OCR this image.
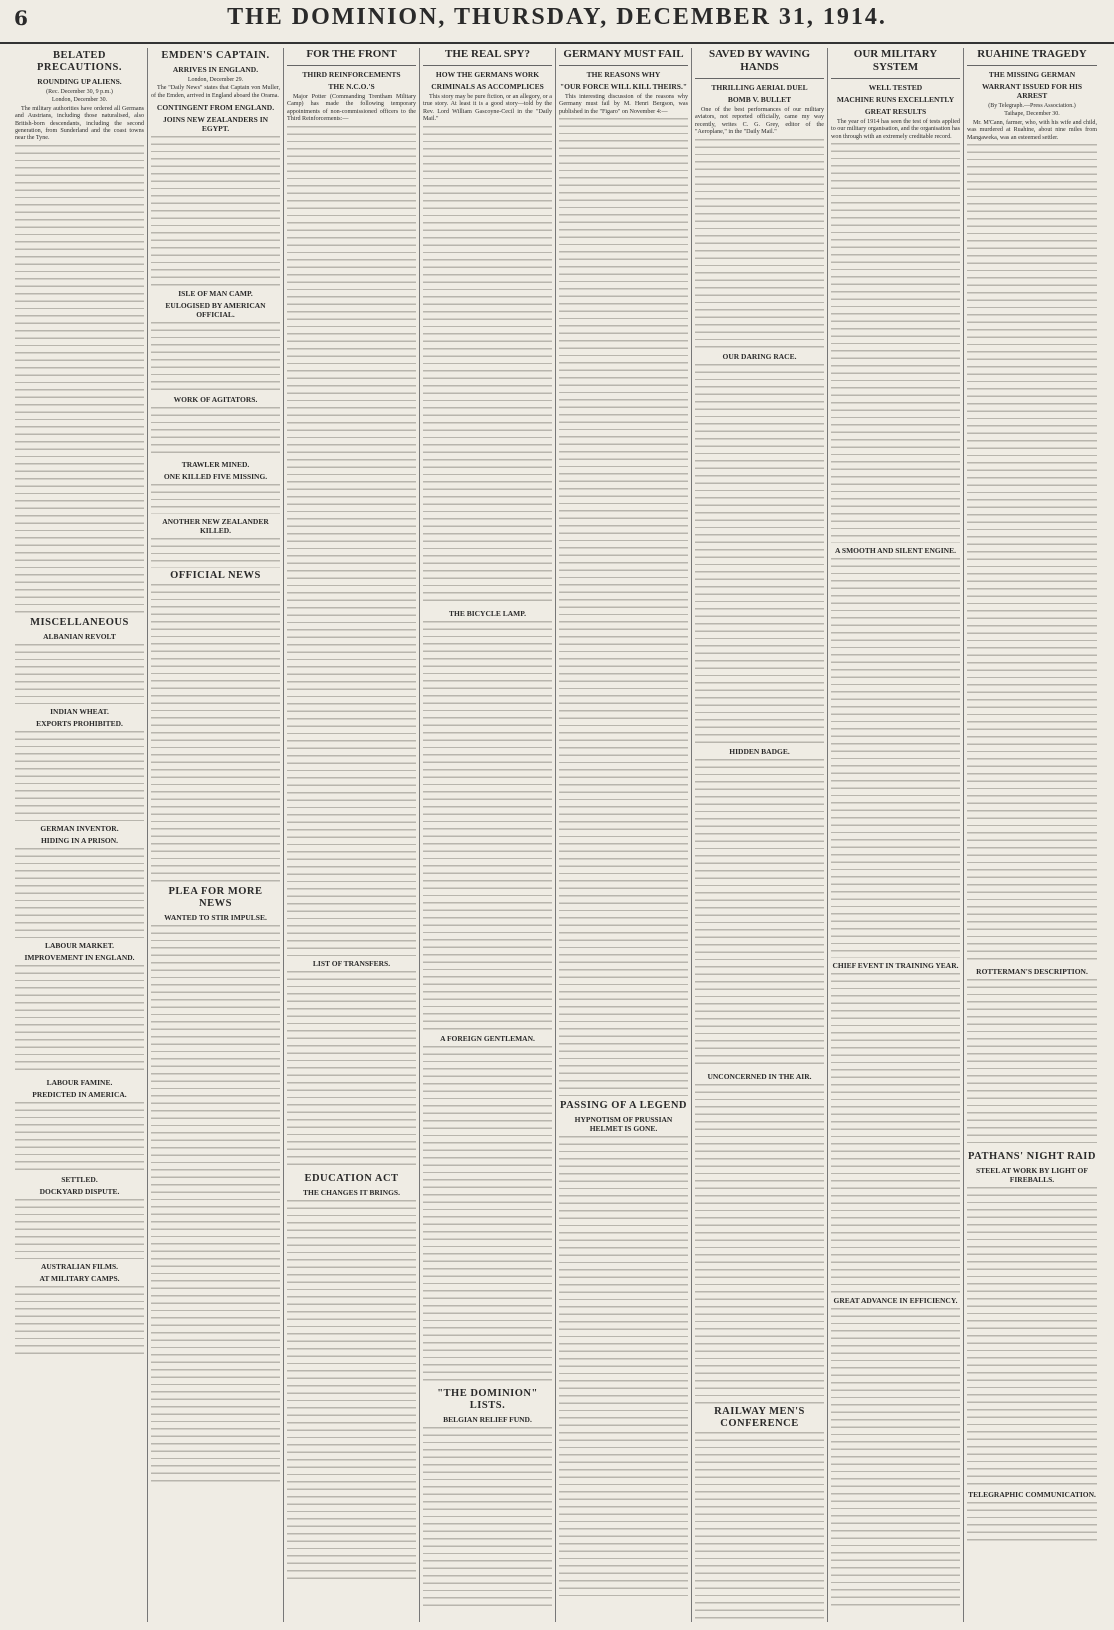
6	THE DOMINION, THURSDAY, DECEMBER 31, 1914.
BELATED PRECAUTIONS.
ROUNDING UP ALIENS.
(Rec. December 30, 9 p.m.)
London, December 30.

The military authorities have ordered all Germans and Austrians, including those naturalised, also British-born descendants, including the second generation, from Sunderland and the coast towns near the Tyne.

MISCELLANEOUS
ALBANIAN REVOLT
INDIAN WHEAT.
EXPORTS PROHIBITED.
GERMAN INVENTOR.
HIDING IN A PRISON.
LABOUR MARKET.
IMPROVEMENT IN ENGLAND.
LABOUR FAMINE.
PREDICTED IN AMERICA.
SETTLED.
DOCKYARD DISPUTE.
AUSTRALIAN FILMS.
AT MILITARY CAMPS.
EMDEN'S CAPTAIN.
ARRIVES IN ENGLAND.
London, December 29.

The "Daily News" states that Captain von Muller, of the Emden, arrived in England aboard the Orama.

CONTINGENT FROM ENGLAND.
JOINS NEW ZEALANDERS IN EGYPT.
ISLE OF MAN CAMP.
EULOGISED BY AMERICAN OFFICIAL.
WORK OF AGITATORS.
TRAWLER MINED.
ONE KILLED FIVE MISSING.
ANOTHER NEW ZEALANDER KILLED.
OFFICIAL NEWS
PLEA FOR MORE NEWS
WANTED TO STIR IMPULSE.
FOR THE FRONT
THIRD REINFORCEMENTS
THE N.C.O.'S

Major Potter (Commanding Trentham Military Camp) has made the following temporary appointments of non-commissioned officers to the Third Reinforcements:—

LIST OF TRANSFERS.
EDUCATION ACT
THE CHANGES IT BRINGS.
THE REAL SPY?
HOW THE GERMANS WORK
CRIMINALS AS ACCOMPLICES

This story may be pure fiction, or an allegory, or a true story. At least it is a good story—told by the Rev. Lord William Gascoyne-Cecil in the "Daily Mail."

THE BICYCLE LAMP.
A FOREIGN GENTLEMAN.
"THE DOMINION" LISTS.
BELGIAN RELIEF FUND.
GERMANY MUST FAIL
THE REASONS WHY
"OUR FORCE WILL KILL THEIRS."

This interesting discussion of the reasons why Germany must fail by M. Henri Bergson, was published in the "Figaro" on November 4:—

PASSING OF A LEGEND
HYPNOTISM OF PRUSSIAN HELMET IS GONE.
SAVED BY WAVING HANDS
THRILLING AERIAL DUEL
BOMB V. BULLET

One of the best performances of our military aviators, not reported officially, came my way recently, writes C. G. Grey, editor of the "Aeroplane," in the "Daily Mail."

OUR DARING RACE.
HIDDEN BADGE.
UNCONCERNED IN THE AIR.
RAILWAY MEN'S CONFERENCE
OUR MILITARY SYSTEM
WELL TESTED
MACHINE RUNS EXCELLENTLY
GREAT RESULTS

The year of 1914 has seen the test of tests applied to our military organisation, and the organisation has won through with an extremely creditable record.

A SMOOTH AND SILENT ENGINE.
CHIEF EVENT IN TRAINING YEAR.
GREAT ADVANCE IN EFFICIENCY.
RUAHINE TRAGEDY
THE MISSING GERMAN
WARRANT ISSUED FOR HIS ARREST
(By Telegraph.—Press Association.)
Taihape, December 30.

Mr. M'Cann, farmer, who, with his wife and child, was murdered at Ruahine, about nine miles from Mangaweka, was an esteemed settler.

ROTTERMAN'S DESCRIPTION.
PATHANS' NIGHT RAID
STEEL AT WORK BY LIGHT OF FIREBALLS.
TELEGRAPHIC COMMUNICATION.
